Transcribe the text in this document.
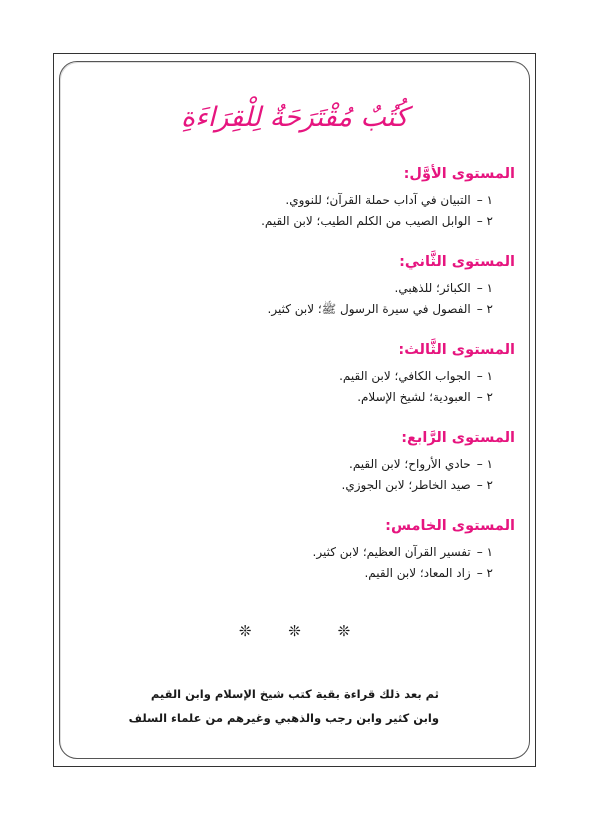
كُتُبٌ مُقْتَرَحَةٌ لِلْقِرَاءَةِ
المستوى الأوَّل:
١ –التبيان في آداب حملة القرآن؛ للنووي.
٢ –الوابل الصيب من الكلم الطيب؛ لابن القيم.
المستوى الثَّاني:
١ –الكبائر؛ للذهبي.
٢ –الفصول في سيرة الرسول ﷺ؛ لابن كثير.
المستوى الثَّالث:
١ –الجواب الكافي؛ لابن القيم.
٢ –العبودية؛ لشيخ الإسلام.
المستوى الرَّابع:
١ –حادي الأرواح؛ لابن القيم.
٢ –صيد الخاطر؛ لابن الجوزي.
المستوى الخامس:
١ –تفسير القرآن العظيم؛ لابن كثير.
٢ –زاد المعاد؛ لابن القيم.
❊ ❊ ❊
ثم بعد ذلك قراءة بقية كتب شيخ الإسلام وابن القيم
وابن كثير وابن رجب والذهبي وغيرهم من علماء السلف
